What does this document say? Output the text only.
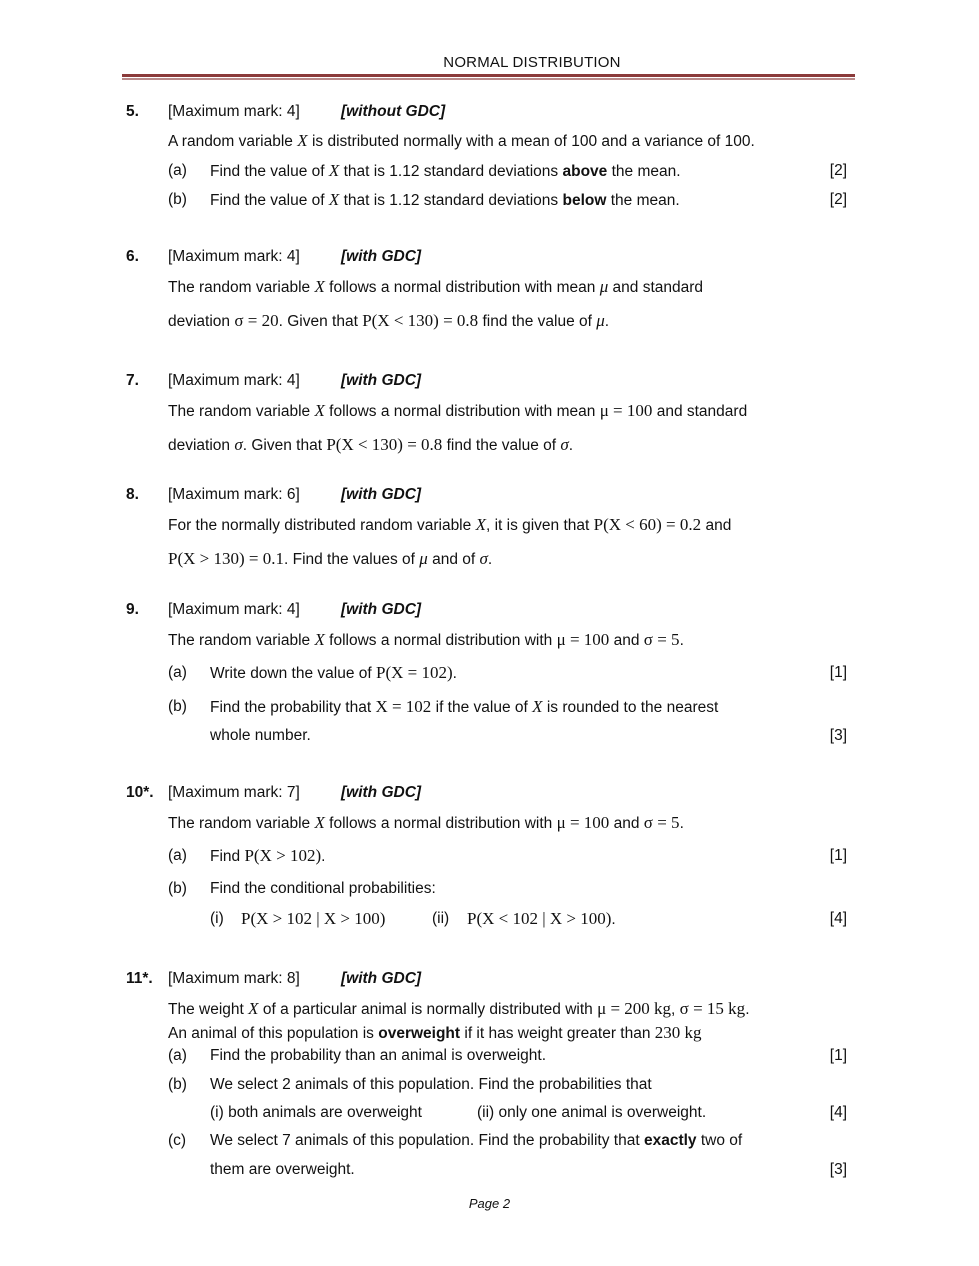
NORMAL DISTRIBUTION
5. [Maximum mark: 4]	[without GDC]
A random variable X is distributed normally with a mean of 100 and a variance of 100.
(a) Find the value of X that is 1.12 standard deviations above the mean.	[2]
(b) Find the value of X that is 1.12 standard deviations below the mean.	[2]
6. [Maximum mark: 4]	[with GDC]
The random variable X follows a normal distribution with mean μ and standard
deviation σ = 20. Given that P(X < 130) = 0.8 find the value of μ.
7. [Maximum mark: 4]	[with GDC]
The random variable X follows a normal distribution with mean μ = 100 and standard
deviation σ. Given that P(X < 130) = 0.8 find the value of σ.
8. [Maximum mark: 6]	[with GDC]
For the normally distributed random variable X, it is given that P(X < 60) = 0.2 and
P(X > 130) = 0.1. Find the values of μ and of σ.
9. [Maximum mark: 4]	[with GDC]
The random variable X follows a normal distribution with μ = 100 and σ = 5.
(a) Write down the value of P(X = 102).	[1]
(b) Find the probability that X = 102 if the value of X is rounded to the nearest
whole number.	[3]
10*. [Maximum mark: 7]	[with GDC]
The random variable X follows a normal distribution with μ = 100 and σ = 5.
(a) Find P(X > 102).	[1]
(b) Find the conditional probabilities:
(i) P(X > 102 | X > 100)	(ii) P(X < 102 | X > 100).	[4]
11*. [Maximum mark: 8]	[with GDC]
The weight X of a particular animal is normally distributed with μ = 200 kg, σ = 15 kg.
An animal of this population is overweight if it has weight greater than 230 kg
(a) Find the probability than an animal is overweight.	[1]
(b) We select 2 animals of this population. Find the probabilities that
(i) both animals are overweight	(ii) only one animal is overweight.	[4]
(c) We select 7 animals of this population. Find the probability that exactly two of
them are overweight.	[3]
Page 2
